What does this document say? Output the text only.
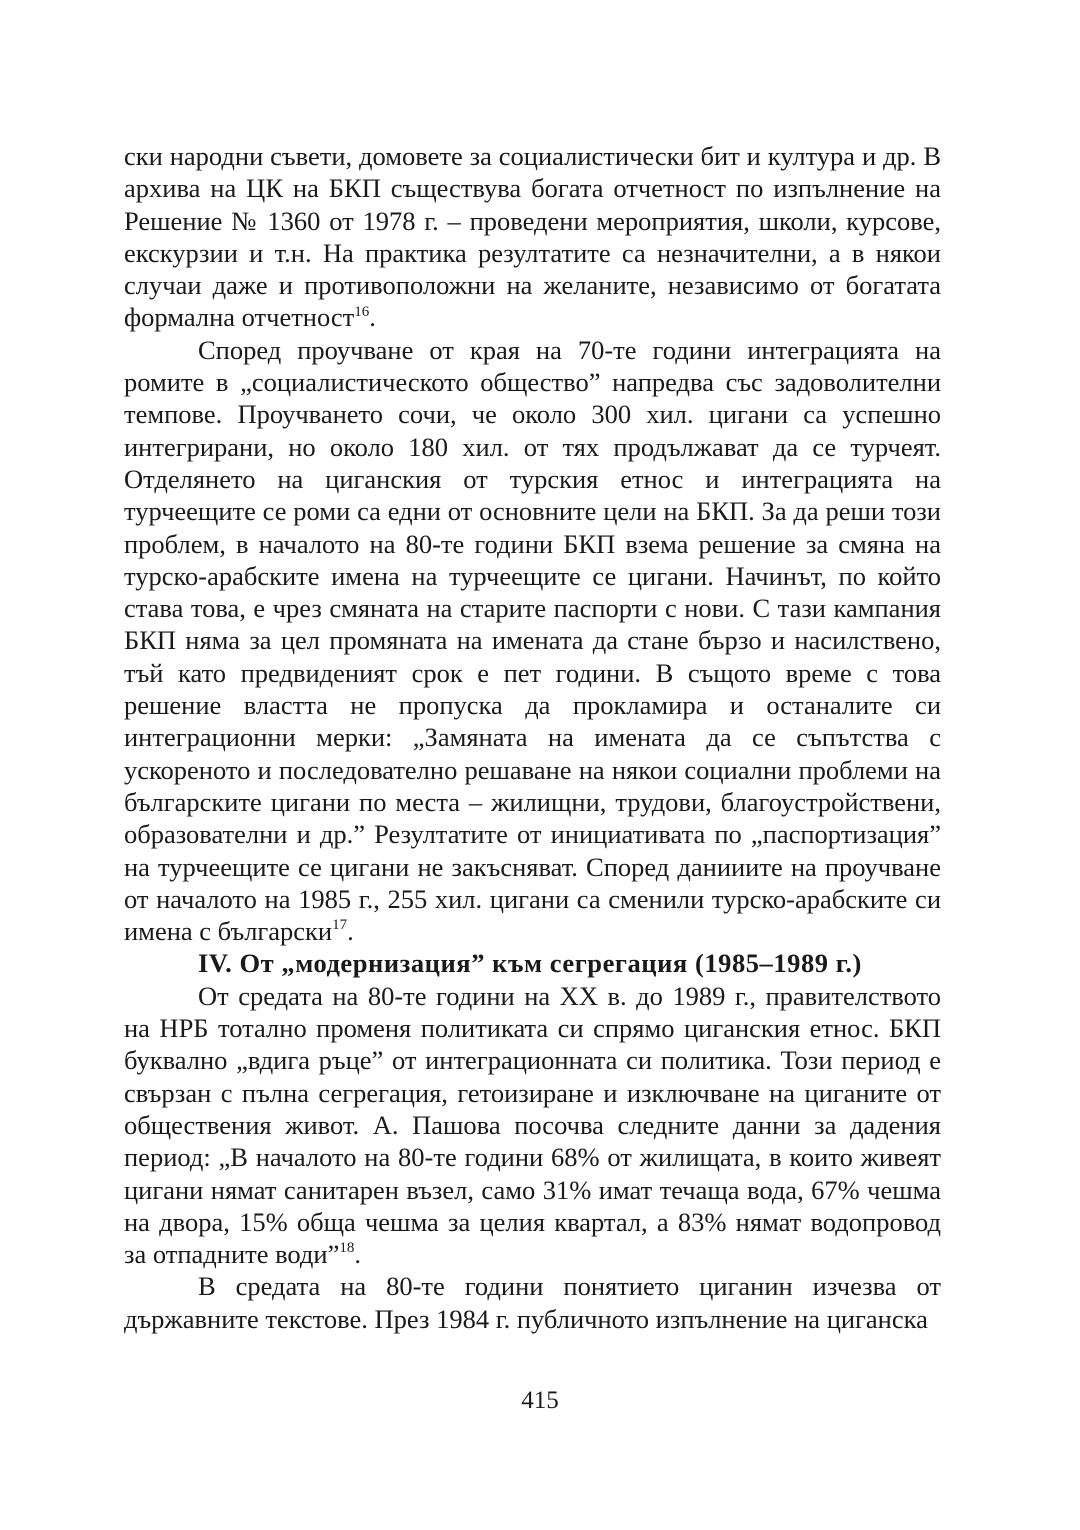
ски народни съвети, домовете за социалистически бит и култура и др. В архива на ЦК на БКП съществува богата отчетност по изпълнение на Решение № 1360 от 1978 г. – проведени мероприятия, школи, курсове, екскурзии и т.н. На практика резултатите са незначителни, а в някои случаи даже и противоположни на желаните, независимо от богатата формална отчетност$^{16}$.

Според проучване от края на 70-те години интеграцията на ромите в „социалистическото общество” напредва със задоволителни темпове. Проучването сочи, че около 300 хил. цигани са успешно интегрирани, но около 180 хил. от тях продължават да се турчеят. Отделянето на циганския от турския етнос и интеграцията на турчеещите се роми са едни от основните цели на БКП. За да реши този проблем, в началото на 80-те години БКП взема решение за смяна на турско-арабските имена на турчеещите се цигани. Начинът, по който става това, е чрез смяната на старите паспорти с нови. С тази кампания БКП няма за цел промяната на имената да стане бързо и насилствено, тъй като предвиденият срок е пет години. В същото време с това решение властта не пропуска да прокламира и останалите си интеграционни мерки: „Замяната на имената да се съпътства с ускореното и последователно решаване на някои социални проблеми на българските цигани по места – жилищни, трудови, благоустройствени, образователни и др.” Резултатите от инициативата по „паспортизация” на турчеещите се цигани не закъсняват. Според данииите на проучване от началото на 1985 г., 255 хил. цигани са сменили турско-арабските си имена с български$^{17}$.

IV. От „модернизация” към сегрегация (1985–1989 г.)

От средата на 80-те години на XX в. до 1989 г., правителството на НРБ тотално променя политиката си спрямо циганския етнос. БКП буквално „вдига ръце” от интеграционната си политика. Този период е свързан с пълна сегрегация, гетоизиране и изключване на циганите от обществения живот. А. Пашова посочва следните данни за дадения период: „В началото на 80-те години 68% от жилищата, в които живеят цигани нямат санитарен възел, само 31% имат течаща вода, 67% чешма на двора, 15% обща чешма за целия квартал, а 83% нямат водопровод за отпадните води”$^{18}$.

В средата на 80-те години понятието циганин изчезва от държавните текстове. През 1984 г. публичното изпълнение на циганска

415
